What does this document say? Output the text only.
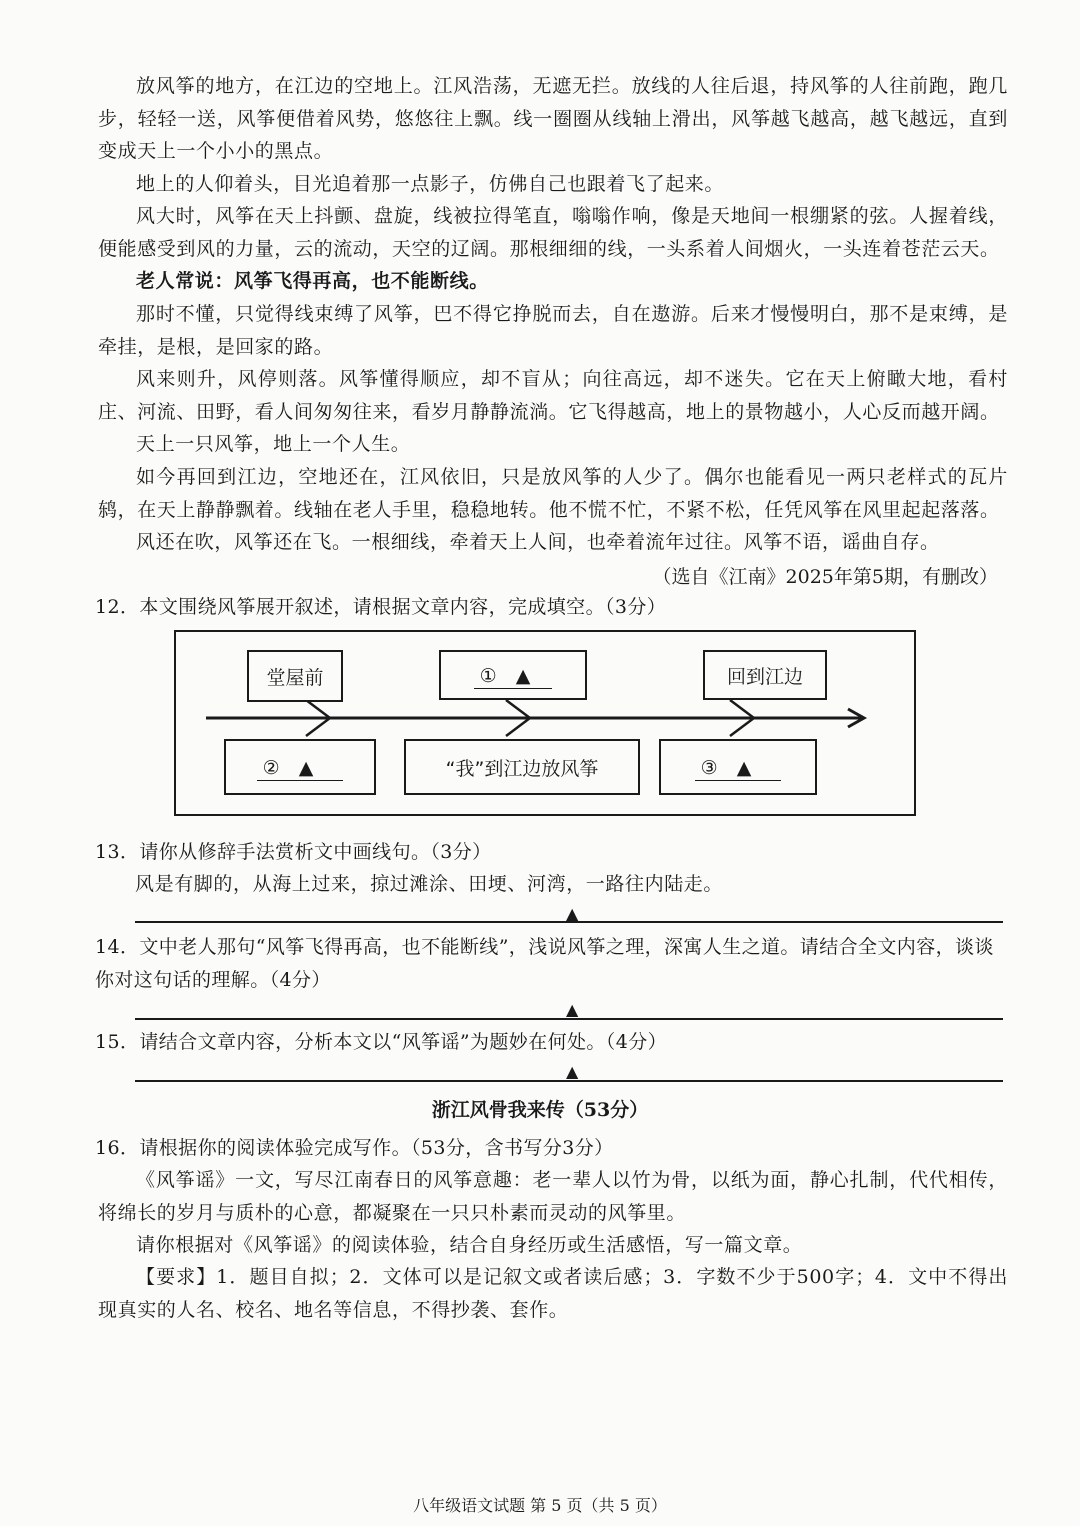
放风筝的地方，在江边的空地上。江风浩荡，无遮无拦。放线的人往后退，持风筝的人往前跑，跑几步，轻轻一送，风筝便借着风势，悠悠往上飘。线一圈圈从线轴上滑出，风筝越飞越高，越飞越远，直到变成天上一个小小的黑点。
地上的人仰着头，目光追着那一点影子，仿佛自己也跟着飞了起来。
风大时，风筝在天上抖颤、盘旋，线被拉得笔直，嗡嗡作响，像是天地间一根绷紧的弦。人握着线，便能感受到风的力量，云的流动，天空的辽阔。那根细细的线，一头系着人间烟火，一头连着苍茫云天。
老人常说：风筝飞得再高，也不能断线。
那时不懂，只觉得线束缚了风筝，巴不得它挣脱而去，自在遨游。后来才慢慢明白，那不是束缚，是牵挂，是根，是回家的路。
风来则升，风停则落。风筝懂得顺应，却不盲从；向往高远，却不迷失。它在天上俯瞰大地，看村庄、河流、田野，看人间匆匆往来，看岁月静静流淌。它飞得越高，地上的景物越小，人心反而越开阔。
天上一只风筝，地上一个人生。
如今再回到江边，空地还在，江风依旧，只是放风筝的人少了。偶尔也能看见一两只老样式的瓦片鸫，在天上静静飘着。线轴在老人手里，稳稳地转。他不慌不忙，不紧不松，任凭风筝在风里起起落落。
风还在吹，风筝还在飞。一根细线，牵着天上人间，也牵着流年过往。风筝不语，谣曲自存。
（选自《江南》2025年第5期，有删改）
12．本文围绕风筝展开叙述，请根据文章内容，完成填空。（3分）
堂屋前	①　▲	回到江边
②　▲	“我”到江边放风筝	③　▲
13．请你从修辞手法赏析文中画线句。（3分）
风是有脚的，从海上过来，掠过滩涂、田埂、河湾，一路往内陆走。
▲
14．文中老人那句“风筝飞得再高，也不能断线”，浅说风筝之理，深寓人生之道。请结合全文内容，谈谈你对这句话的理解。（4分）
▲
15．请结合文章内容，分析本文以“风筝谣”为题妙在何处。（4分）
▲
浙江风骨我来传（53分）
16．请根据你的阅读体验完成写作。（53分，含书写分3分）
《风筝谣》一文，写尽江南春日的风筝意趣：老一辈人以竹为骨，以纸为面，静心扎制，代代相传，将绵长的岁月与质朴的心意，都凝聚在一只只朴素而灵动的风筝里。
请你根据对《风筝谣》的阅读体验，结合自身经历或生活感悟，写一篇文章。
【要求】1．题目自拟；2．文体可以是记叙文或者读后感；3．字数不少于500字；4．文中不得出现真实的人名、校名、地名等信息，不得抄袭、套作。
八年级语文试题 第 5 页（共 5 页）
